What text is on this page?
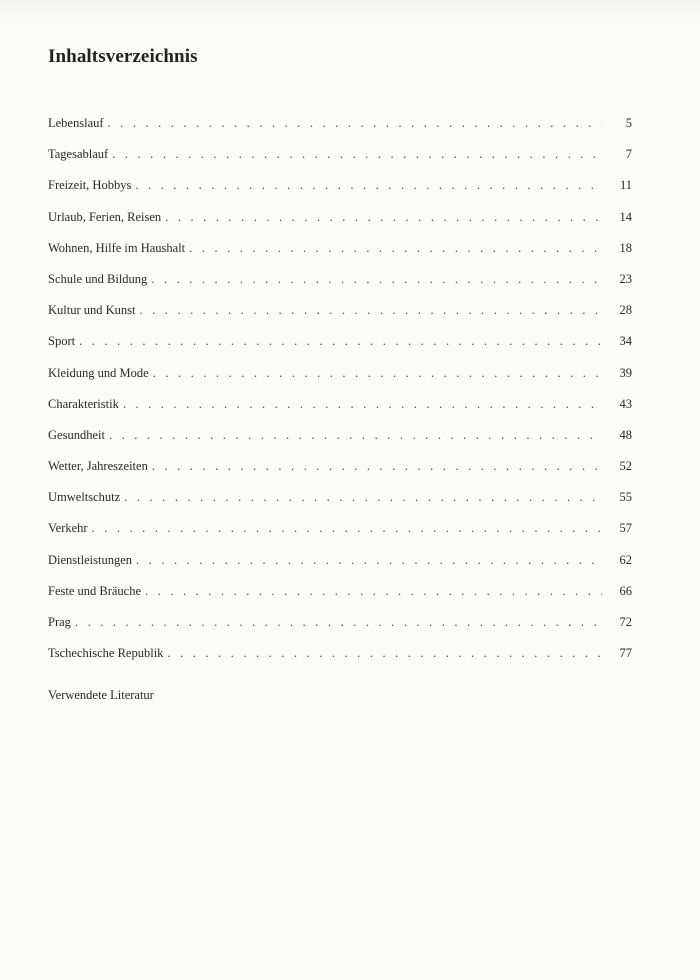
Inhaltsverzeichnis
Lebenslauf . . .	5
Tagesablauf . . .	7
Freizeit, Hobbys . . .	11
Urlaub, Ferien, Reisen . . .	14
Wohnen, Hilfe im Haushalt . . .	18
Schule und Bildung . . .	23
Kultur und Kunst . . .	28
Sport . . .	34
Kleidung und Mode . . .	39
Charakteristik . . .	43
Gesundheit . . .	48
Wetter, Jahreszeiten . . .	52
Umweltschutz . . .	55
Verkehr . . .	57
Dienstleistungen . . .	62
Feste und Bräuche . . .	66
Prag . . .	72
Tschechische Republik . . .	77
Verwendete Literatur
